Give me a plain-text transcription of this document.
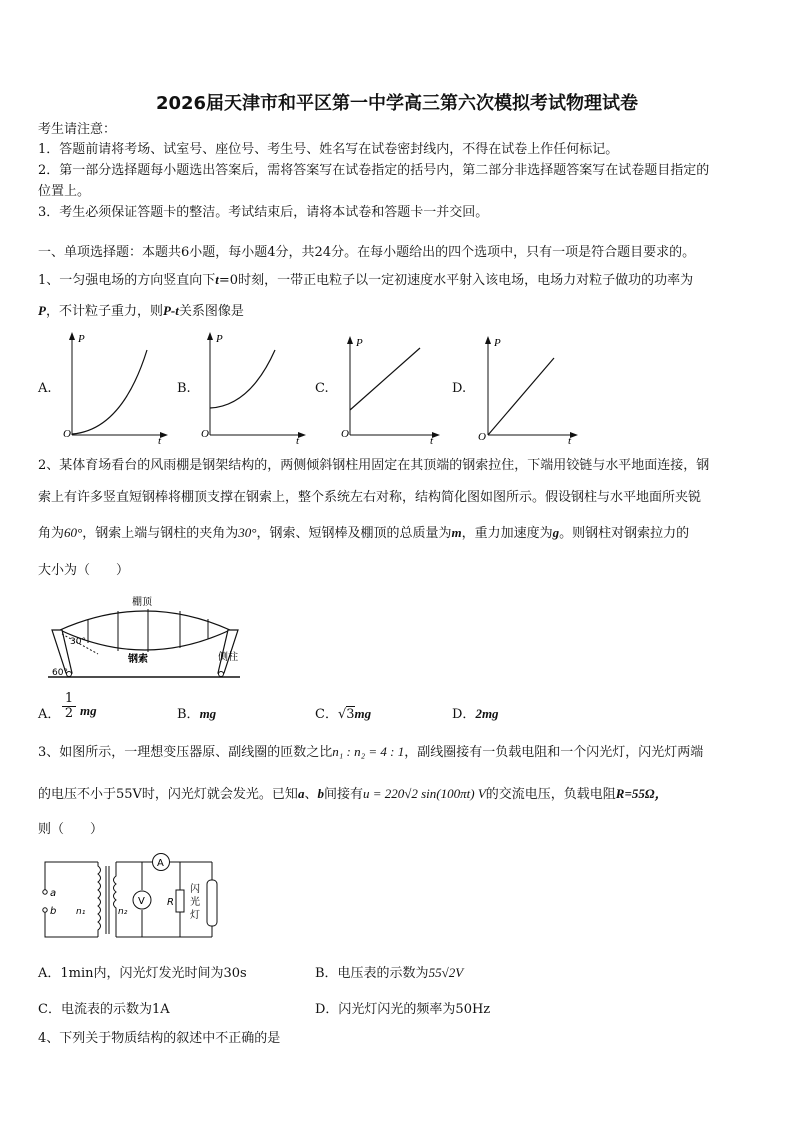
2026届天津市和平区第一中学高三第六次模拟考试物理试卷
考生请注意：
1．答题前请将考场、试室号、座位号、考生号、姓名写在试卷密封线内，不得在试卷上作任何标记。
2．第一部分选择题每小题选出答案后，需将答案写在试卷指定的括号内，第二部分非选择题答案写在试卷题目指定的
位置上。
3．考生必须保证答题卡的整洁。考试结束后，请将本试卷和答题卡一并交回。
一、单项选择题：本题共6小题，每小题4分，共24分。在每小题给出的四个选项中，只有一项是符合题目要求的。
1、一匀强电场的方向竖直向下t=0时刻，一带正电粒子以一定初速度水平射入该电场，电场力对粒子做功的功率为
P，不计粒子重力，则P-t关系图像是
A.
P
t
O
B.
P
t
O
C.
P
t
O
D.
P
t
O
2、某体育场看台的风雨棚是钢架结构的，两侧倾斜钢柱用固定在其顶端的钢索拉住，下端用铰链与水平地面连接，钢
索上有许多竖直短钢棒将棚顶支撑在钢索上，整个系统左右对称，结构简化图如图所示。假设钢柱与水平地面所夹锐
角为60°，钢索上端与钢柱的夹角为30°，钢索、短钢棒及棚顶的总质量为m，重力加速度为g。则钢柱对钢索拉力的
大小为（　　）
棚顶
钢索	侧柱
30°
60°
A． $\frac{1}{2}$ mg	B．mg	C．√3mg	D．2mg
3、如图所示，一理想变压器原、副线圈的匝数之比n₁ : n₂ = 4 : 1，副线圈接有一负载电阻和一个闪光灯，闪光灯两端
的电压不小于55V时，闪光灯就会发光。已知a、b间接有u = 220√2 sin(100πt) V的交流电压，负载电阻R=55Ω，
则（　　）
a
b n₁	n₂
A
V R
闪
光
灯
A．1min内，闪光灯发光时间为30s	B．电压表的示数为55√2V
C．电流表的示数为1A	D．闪光灯闪光的频率为50Hz
4、下列关于物质结构的叙述中不正确的是
